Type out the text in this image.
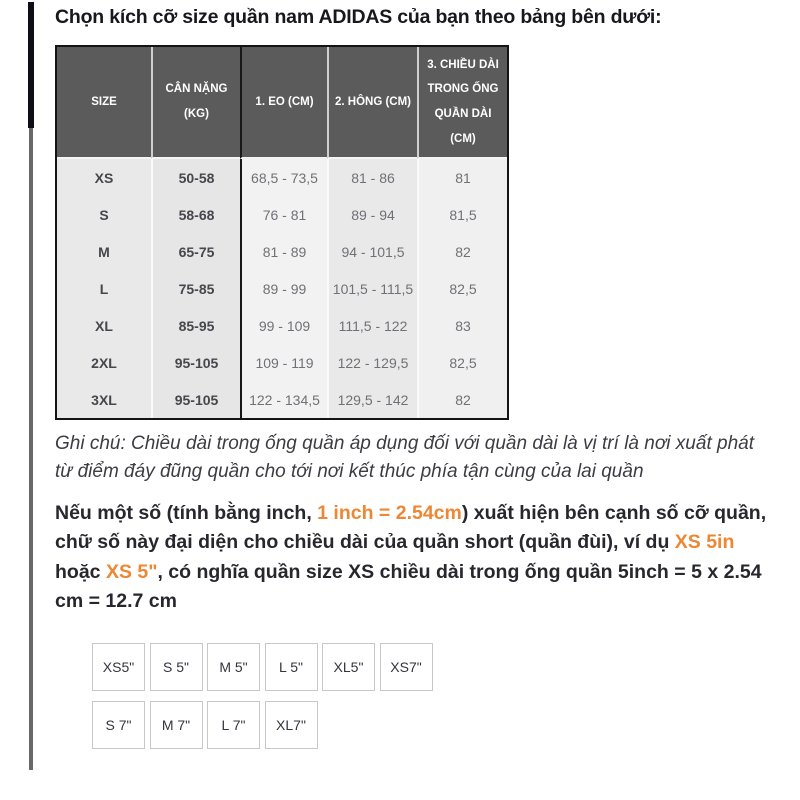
Chọn kích cỡ size quần nam ADIDAS của bạn theo bảng bên dưới:
SIZE	CÂN NẶNG (KG)	1. EO (CM)	2. HÔNG (CM)	3. CHIỀU DÀI TRONG ỐNG QUẦN DÀI (CM)
XS	50-58	68,5 - 73,5	81 - 86	81
S	58-68	76 - 81	89 - 94	81,5
M	65-75	81 - 89	94 - 101,5	82
L	75-85	89 - 99	101,5 - 111,5	82,5
XL	85-95	99 - 109	111,5 - 122	83
2XL	95-105	109 - 119	122 - 129,5	82,5
3XL	95-105	122 - 134,5	129,5 - 142	82

Ghi chú: Chiều dài trong ống quần áp dụng đối với quần dài là vị trí là nơi xuất phát từ điểm đáy đũng quần cho tới nơi kết thúc phía tận cùng của lai quần

Nếu một số (tính bằng inch, 1 inch = 2.54cm) xuất hiện bên cạnh số cỡ quần, chữ số này đại diện cho chiều dài của quần short (quần đùi), ví dụ XS 5in hoặc XS 5", có nghĩa quần size XS chiều dài trong ống quần 5inch = 5 x 2.54 cm = 12.7 cm

XS5"	S 5"	M 5"	L 5"	XL5"	XS7"
S 7"	M 7"	L 7"	XL7"
